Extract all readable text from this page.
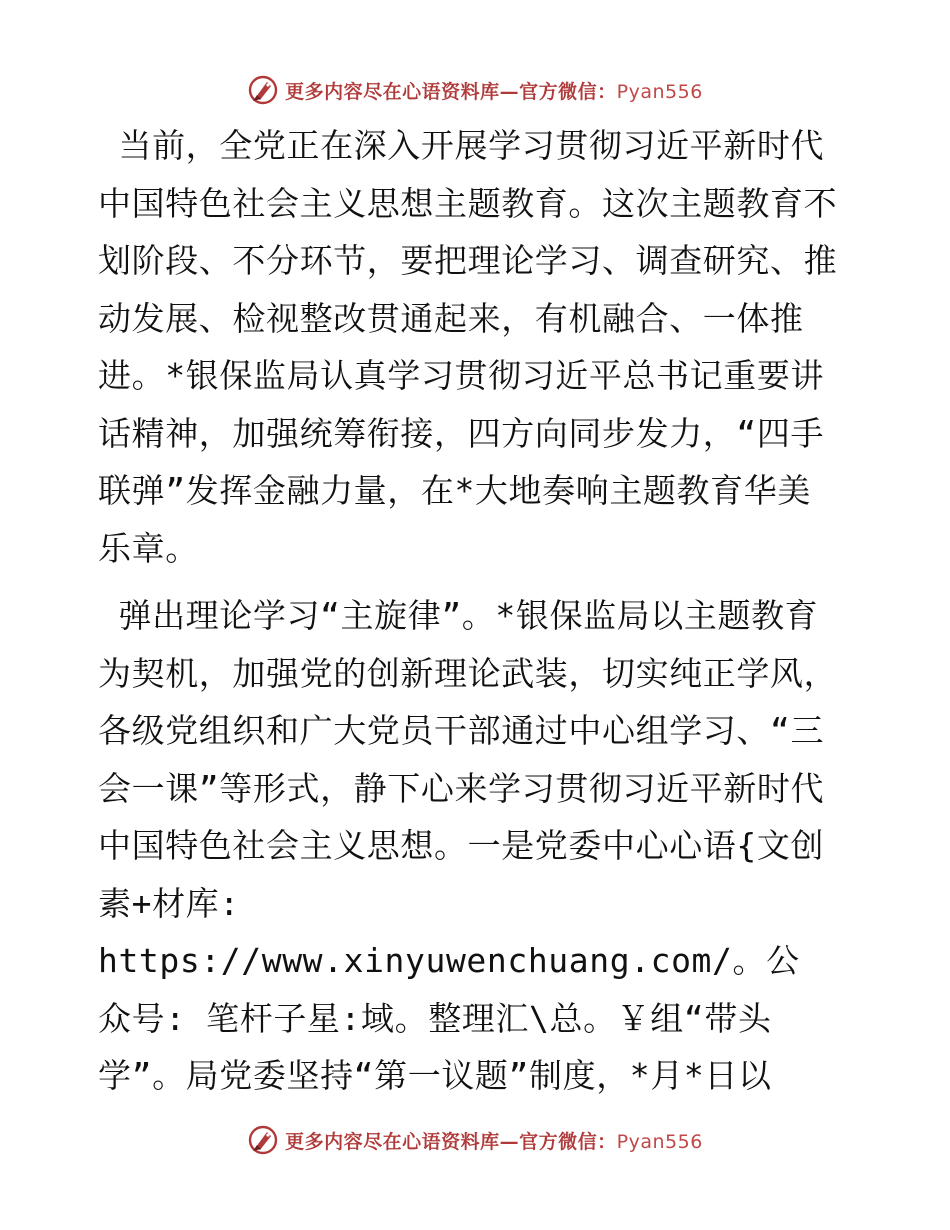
更多内容尽在心语资料库—官方微信：Pyan556

当前，全党正在深入开展学习贯彻习近平新时代
中国特色社会主义思想主题教育。这次主题教育不
划阶段、不分环节，要把理论学习、调查研究、推
动发展、检视整改贯通起来，有机融合、一体推
进。*银保监局认真学习贯彻习近平总书记重要讲
话精神，加强统筹衔接，四方向同步发力，“四手
联弹”发挥金融力量，在*大地奏响主题教育华美
乐章。

弹出理论学习“主旋律”。*银保监局以主题教育
为契机，加强党的创新理论武装，切实纯正学风，
各级党组织和广大党员干部通过中心组学习、“三
会一课”等形式，静下心来学习贯彻习近平新时代
中国特色社会主义思想。一是党委中心心语{文创
素+材库: https://www.xinyuwenchuang.com/。公
众号: 笔杆子星:域。整理汇\总。￥组“带头
学”。局党委坚持“第一议题”制度，*月*日以

更多内容尽在心语资料库—官方微信：Pyan556
